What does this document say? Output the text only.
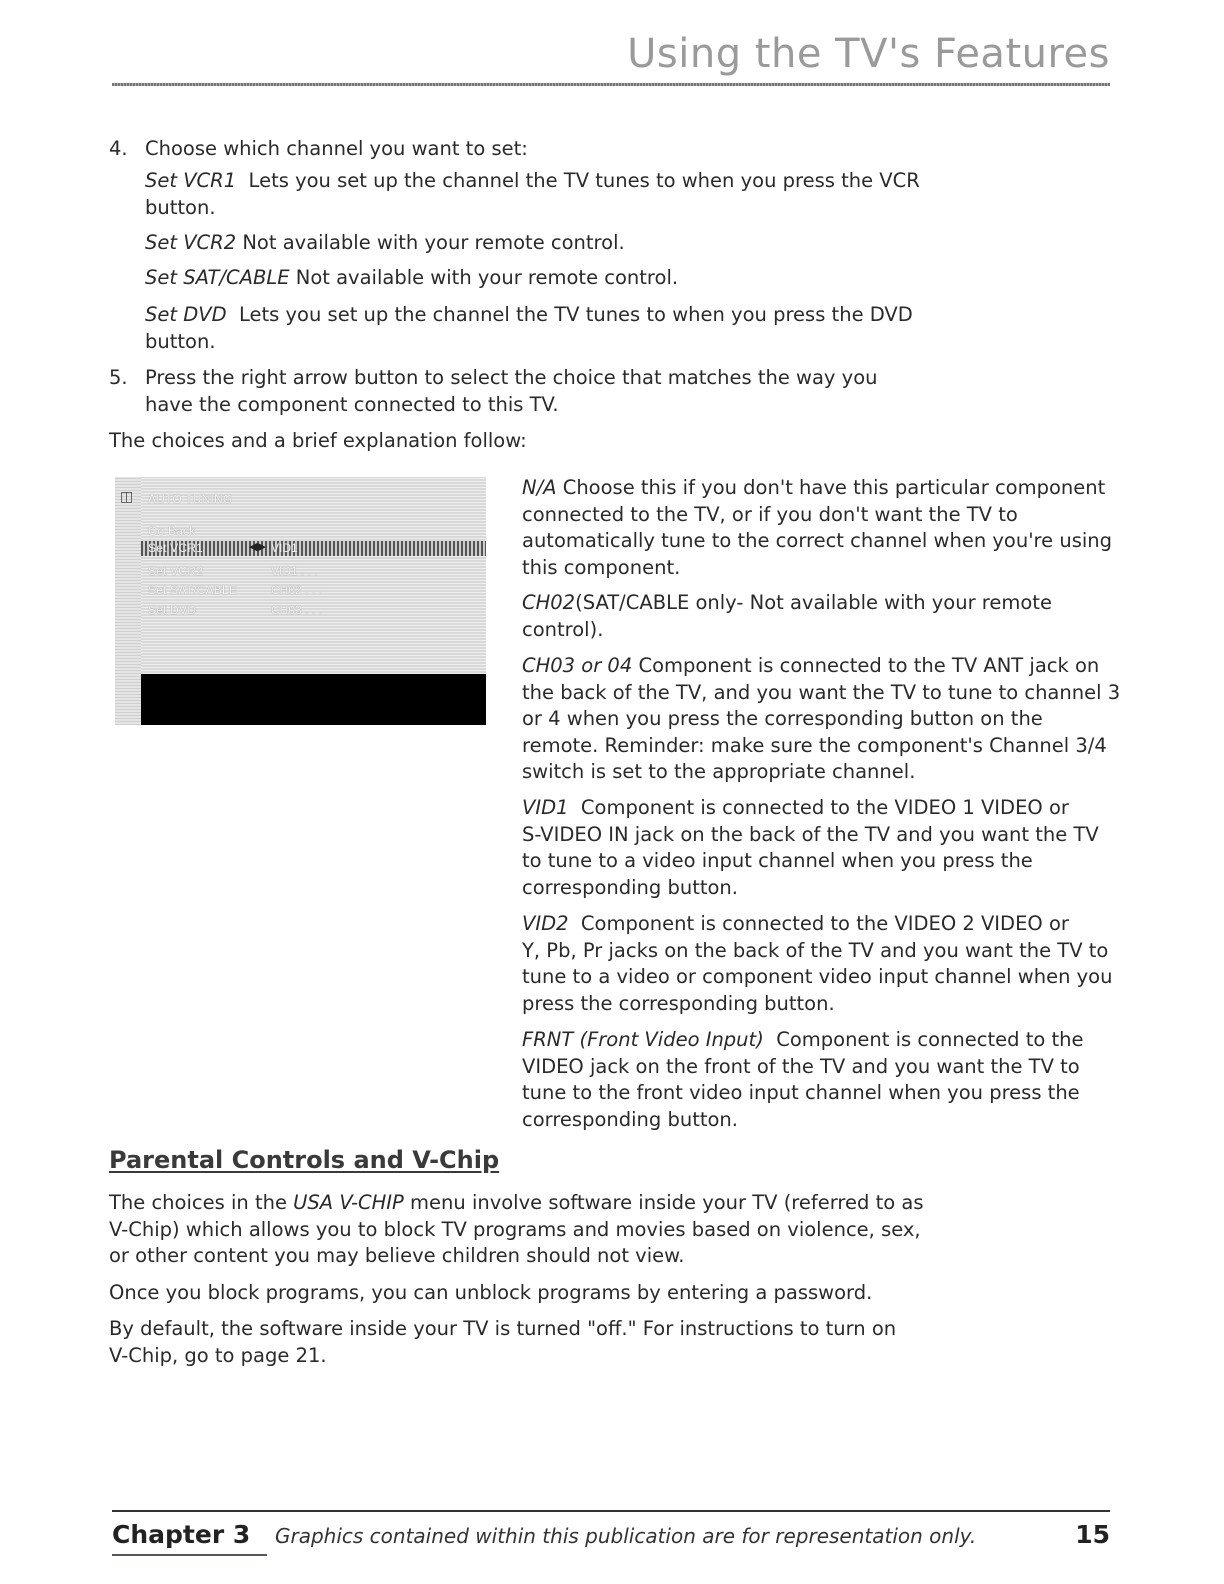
Using the TV's Features
4. Choose which channel you want to set:
Set VCR1 Lets you set up the channel the TV tunes to when you press the VCR
button.
Set VCR2 Not available with your remote control.
Set SAT/CABLE Not available with your remote control.
Set DVD Lets you set up the channel the TV tunes to when you press the DVD
button.
5. Press the right arrow button to select the choice that matches the way you
have the component connected to this TV.
The choices and a brief explanation follow:
◫ AUTO TUNING
Go Back
Set VCR1	◀▶ VID1
Set VCR2	VID1 . . .
Set SAT/CABLE	CH02 . . .
Set DVD	CH03 . . .
N/A Choose this if you don't have this particular component
connected to the TV, or if you don't want the TV to
automatically tune to the correct channel when you're using
this component.
CH02(SAT/CABLE only- Not available with your remote
control).
CH03 or 04 Component is connected to the TV ANT jack on
the back of the TV, and you want the TV to tune to channel 3
or 4 when you press the corresponding button on the
remote. Reminder: make sure the component's Channel 3/4
switch is set to the appropriate channel.
VID1 Component is connected to the VIDEO 1 VIDEO or
S-VIDEO IN jack on the back of the TV and you want the TV
to tune to a video input channel when you press the
corresponding button.
VID2 Component is connected to the VIDEO 2 VIDEO or
Y, Pb, Pr jacks on the back of the TV and you want the TV to
tune to a video or component video input channel when you
press the corresponding button.
FRNT (Front Video Input) Component is connected to the
VIDEO jack on the front of the TV and you want the TV to
tune to the front video input channel when you press the
corresponding button.
Parental Controls and V-Chip
The choices in the USA V-CHIP menu involve software inside your TV (referred to as
V-Chip) which allows you to block TV programs and movies based on violence, sex,
or other content you may believe children should not view.
Once you block programs, you can unblock programs by entering a password.
By default, the software inside your TV is turned "off." For instructions to turn on
V-Chip, go to page 21.
Chapter 3 Graphics contained within this publication are for representation only.	15
